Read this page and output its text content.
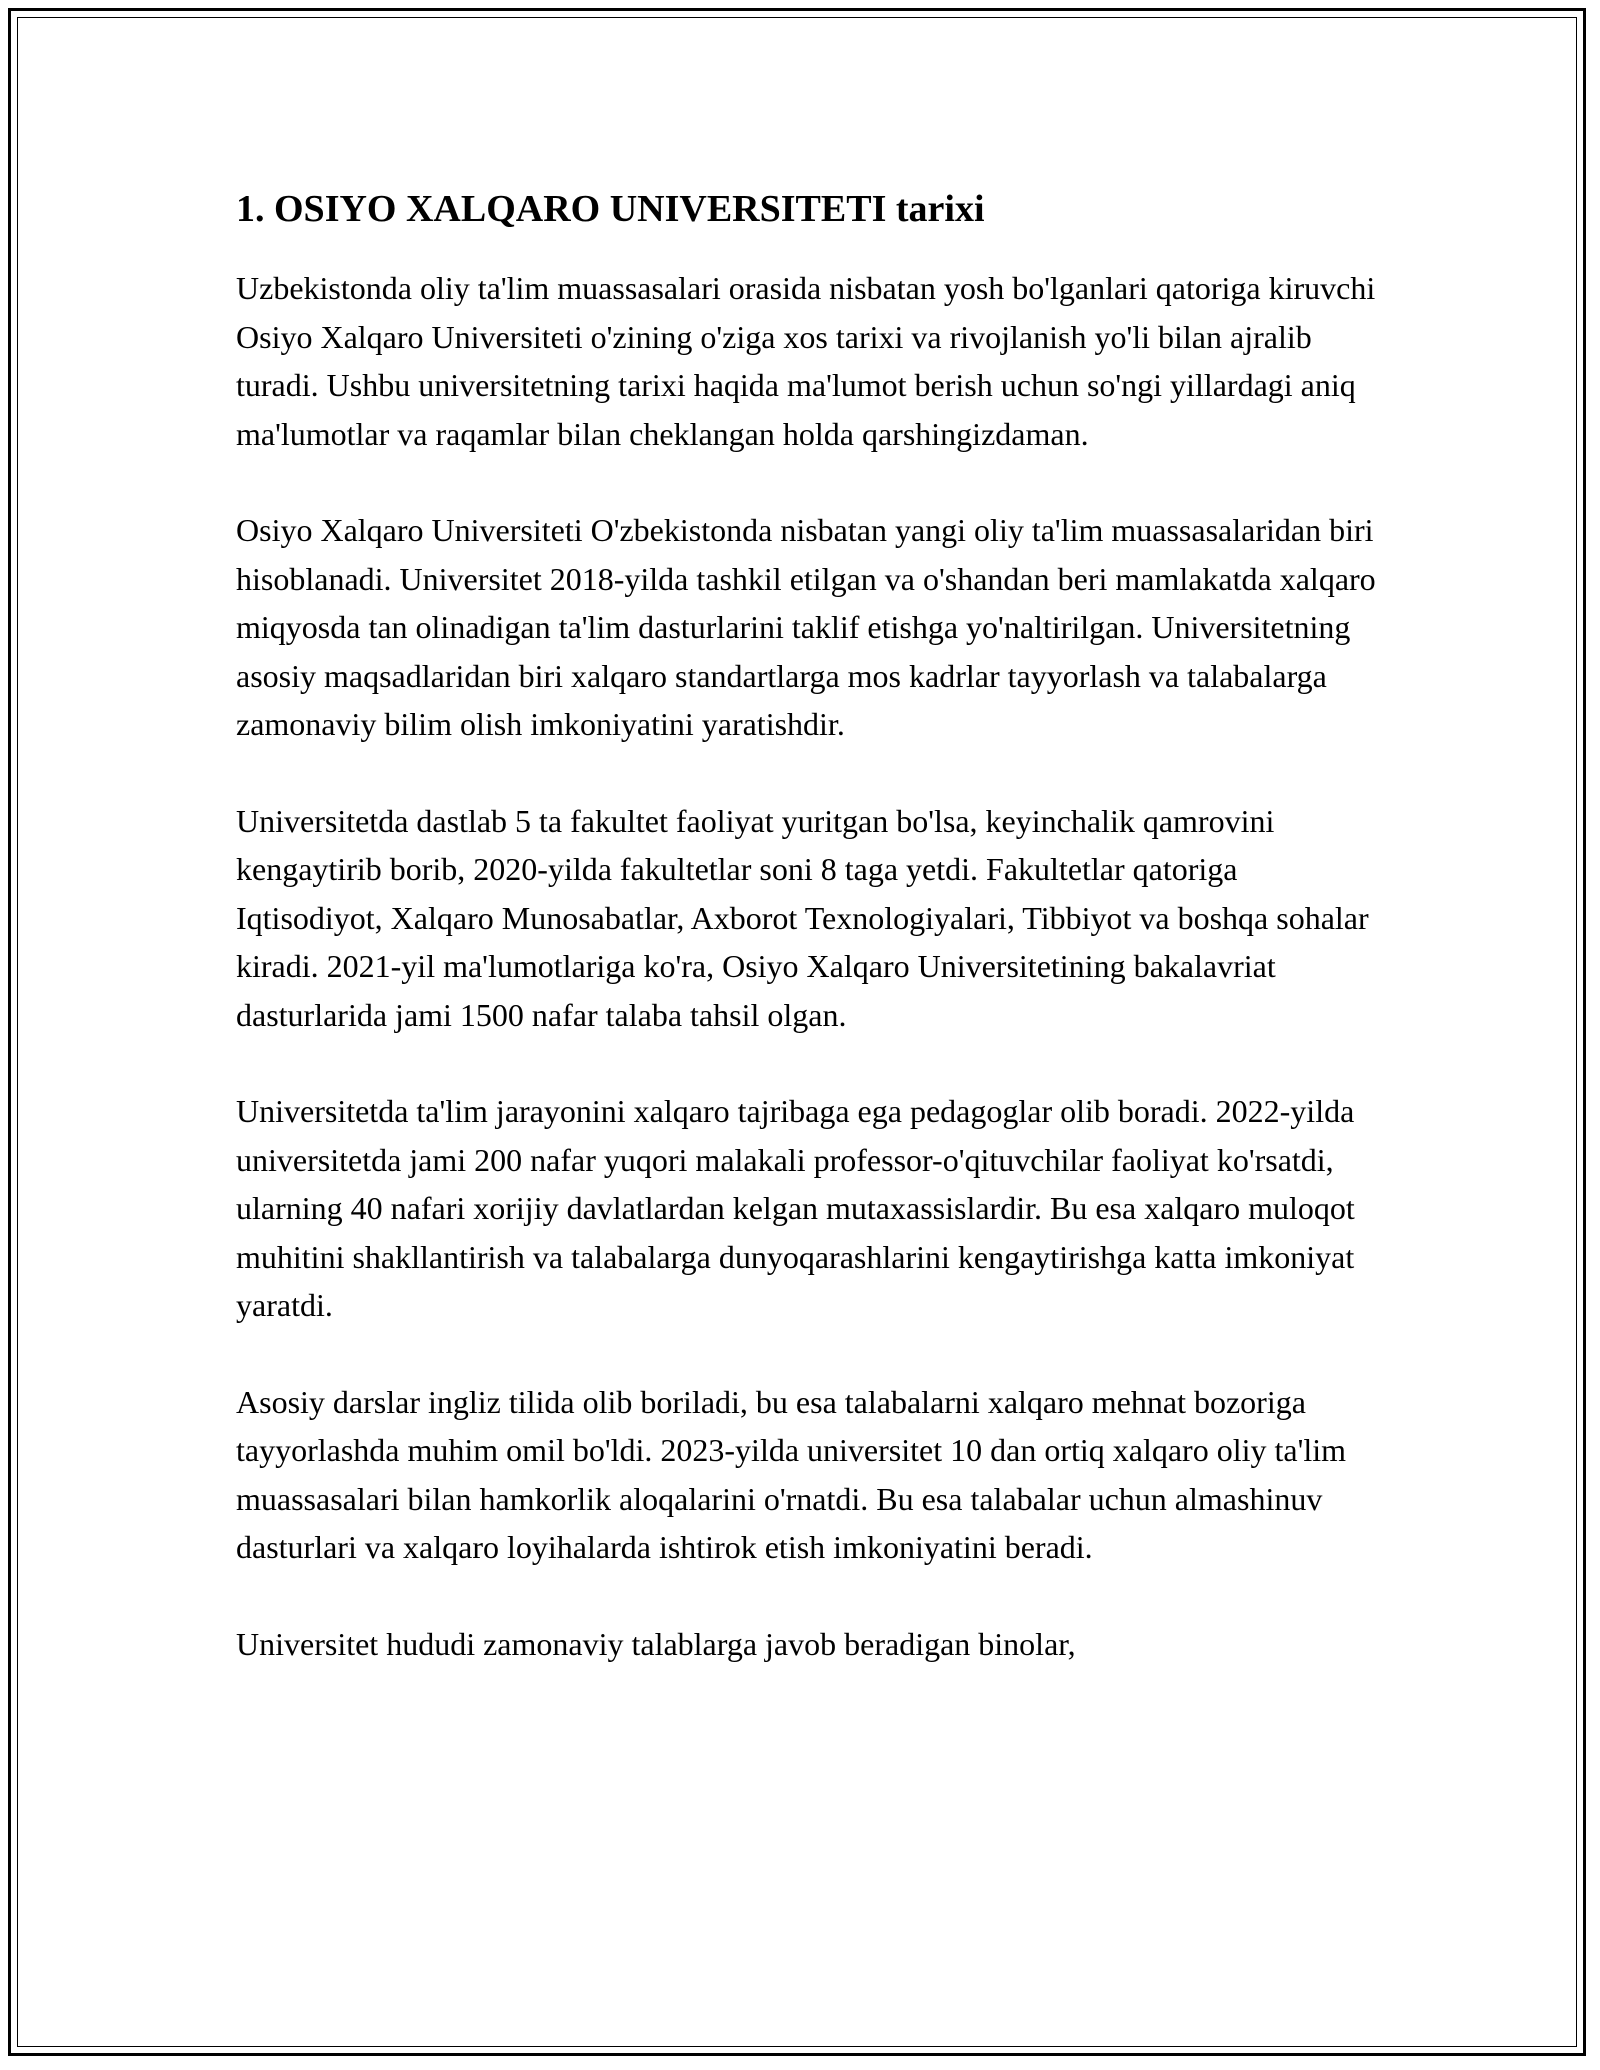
1. OSIYO XALQARO UNIVERSITETI tarixi

Uzbekistonda oliy ta'lim muassasalari orasida nisbatan yosh bo'lganlari qatoriga kiruvchi Osiyo Xalqaro Universiteti o'zining o'ziga xos tarixi va rivojlanish yo'li bilan ajralib turadi. Ushbu universitetning tarixi haqida ma'lumot berish uchun so'ngi yillardagi aniq ma'lumotlar va raqamlar bilan cheklangan holda qarshingizdaman.

Osiyo Xalqaro Universiteti O'zbekistonda nisbatan yangi oliy ta'lim muassasalaridan biri hisoblanadi. Universitet 2018-yilda tashkil etilgan va o'shandan beri mamlakatda xalqaro miqyosda tan olinadigan ta'lim dasturlarini taklif etishga yo'naltirilgan. Universitetning asosiy maqsadlaridan biri xalqaro standartlarga mos kadrlar tayyorlash va talabalarga zamonaviy bilim olish imkoniyatini yaratishdir.

Universitetda dastlab 5 ta fakultet faoliyat yuritgan bo'lsa, keyinchalik qamrovini kengaytirib borib, 2020-yilda fakultetlar soni 8 taga yetdi. Fakultetlar qatoriga Iqtisodiyot, Xalqaro Munosabatlar, Axborot Texnologiyalari, Tibbiyot va boshqa sohalar kiradi. 2021-yil ma'lumotlariga ko'ra, Osiyo Xalqaro Universitetining bakalavriat dasturlarida jami 1500 nafar talaba tahsil olgan.

Universitetda ta'lim jarayonini xalqaro tajribaga ega pedagoglar olib boradi. 2022-yilda universitetda jami 200 nafar yuqori malakali professor-o'qituvchilar faoliyat ko'rsatdi, ularning 40 nafari xorijiy davlatlardan kelgan mutaxassislardir. Bu esa xalqaro muloqot muhitini shakllantirish va talabalarga dunyoqarashlarini kengaytirishga katta imkoniyat yaratdi.

Asosiy darslar ingliz tilida olib boriladi, bu esa talabalarni xalqaro mehnat bozoriga tayyorlashda muhim omil bo'ldi. 2023-yilda universitet 10 dan ortiq xalqaro oliy ta'lim muassasalari bilan hamkorlik aloqalarini o'rnatdi. Bu esa talabalar uchun almashinuv dasturlari va xalqaro loyihalarda ishtirok etish imkoniyatini beradi.

Universitet hududi zamonaviy talablarga javob beradigan binolar,
